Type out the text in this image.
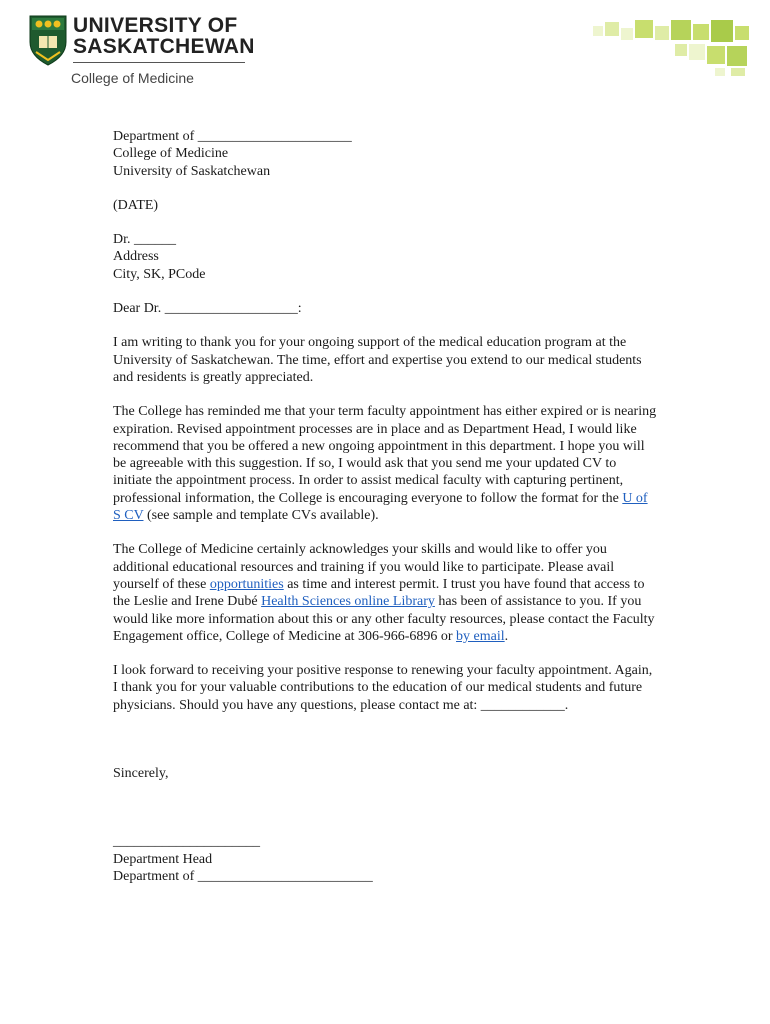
UNIVERSITY OF
SASKATCHEWAN
College of Medicine

Department of ______________________
College of Medicine
University of Saskatchewan

(DATE)

Dr. ______
Address
City, SK, PCode

Dear Dr. ___________________:

I am writing to thank you for your ongoing support of the medical education program at the University of Saskatchewan. The time, effort and expertise you extend to our medical students and residents is greatly appreciated.

The College has reminded me that your term faculty appointment has either expired or is nearing expiration. Revised appointment processes are in place and as Department Head, I would like recommend that you be offered a new ongoing appointment in this department. I hope you will be agreeable with this suggestion. If so, I would ask that you send me your updated CV to initiate the appointment process. In order to assist medical faculty with capturing pertinent, professional information, the College is encouraging everyone to follow the format for the U of S CV (see sample and template CVs available).

The College of Medicine certainly acknowledges your skills and would like to offer you additional educational resources and training if you would like to participate. Please avail yourself of these opportunities as time and interest permit. I trust you have found that access to the Leslie and Irene Dubé Health Sciences online Library has been of assistance to you. If you would like more information about this or any other faculty resources, please contact the Faculty Engagement office, College of Medicine at 306-966-6896 or by email.

I look forward to receiving your positive response to renewing your faculty appointment. Again, I thank you for your valuable contributions to the education of our medical students and future physicians. Should you have any questions, please contact me at: ____________.

Sincerely,

_____________________
Department Head
Department of _________________________
